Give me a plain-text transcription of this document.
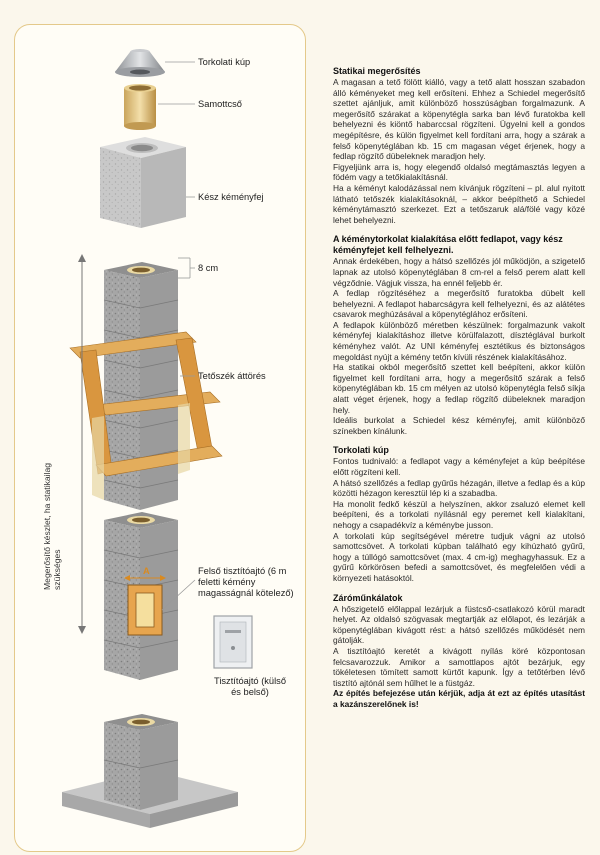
Torkolati kúp
Samottcső
Kész kéményfej
8 cm
Tetőszék áttörés
A	Felső tisztítóajtó (6 m feletti kémény magasságnál kötelező)
Tisztítóajtó (külső és belső)
Megerősítő készlet, ha statikailag szükséges
Statikai megerősítés

A magasan a tető fölött kiálló, vagy a tető alatt hosszan szabadon álló kéményeket meg kell erősíteni. Ehhez a Schiedel megerősítő szettet ajánljuk, amit különböző hosszúságban forgalmazunk. A megerősítő szárakat a köpenytégla sarka ban lévő furatokba kell behelyezni és kiöntő habarccsal rögzíteni. Ügyelni kell a gondos megépítésre, és külön figyelmet kell fordítani arra, hogy a szárak a felső köpenytéglában kb. 15 cm magasan véget érjenek, hogy a fedlap rögzítő dübeleknek maradjon hely.

Figyeljünk arra is, hogy elegendő oldalsó megtámasztás legyen a födém vagy a tetőkialakításnál.

Ha a kéményt kalodázással nem kívánjuk rögzíteni – pl. alul nyitott látható tetőszék kialakításoknál, – akkor beépíthető a Schiedel kéménytámasztó szerkezet. Ezt a tetőszaruk alá/fölé vagy közé lehet behelyezni.

A kéménytorkolat kialakítása előtt fedlapot, vagy kész kéményfejet kell felhelyezni.

Annak érdekében, hogy a hátsó szellőzés jól működjön, a szigetelő lapnak az utolsó köpenytéglában 8 cm-rel a felső perem alatt kell végződnie. Vágjuk vissza, ha ennél feljebb ér.

A fedlap rögzítéséhez a megerősítő furatokba dübelt kell behelyezni. A fedlapot habarcságyra kell felhelyezni, és az alátétes csavarok meghúzásával a köpenytéglához erősíteni.

A fedlapok különböző méretben készülnek: forgalmazunk vakolt kéményfej kialakításhoz illetve körülfalazott, dísztéglával burkolt kéményhez valót. Az UNI kéményfej esztétikus és biztonságos megoldást nyújt a kémény tetőn kívüli részének kialakításához.

Ha statikai okból megerősítő szettet kell beépíteni, akkor külön figyelmet kell fordítani arra, hogy a megerősítő szárak a felső köpenytéglában kb. 15 cm mélyen az utolsó köpenytégla felső síkja alatt véget érjenek, hogy a fedlap rögzítő dübeleknek maradjon hely.

Ideális burkolat a Schiedel kész kéményfej, amit különböző színekben kínálunk.

Torkolati kúp

Fontos tudnivaló: a fedlapot vagy a kéményfejet a kúp beépítése előtt rögzíteni kell.

A hátsó szellőzés a fedlap gyűrűs hézagán, illetve a fedlap és a kúp közötti hézagon keresztül lép ki a szabadba.

Ha monolit fedkő készül a helyszínen, akkor zsaluzó elemet kell beépíteni, és a torkolati nyílásnál egy peremet kell kialakítani, nehogy a csapadékvíz a kéménybe jusson.

A torkolati kúp segítségével méretre tudjuk vágni az utolsó samottcsövet. A torkolati kúpban található egy kihúzható gyűrű, hogy a túllógó samottcsövet (max. 4 cm-ig) meghagyhassuk. Ez a gyűrű körkörösen befedi a samottcsövet, és megfelelően védi a környezeti hatásoktól.

Záróműnkálatok

A hőszigetelő előlappal lezárjuk a füstcső-csatlakozó körül maradt helyet. Az oldalsó szögvasak megtartják az előlapot, és lezárják a köpenytéglában kivágott rést: a hátsó szellőzés működését nem gátolják.

A tisztítóajtó keretét a kivágott nyílás köré központosan felcsavarozzuk. Amikor a samottlapos ajtót bezárjuk, egy tökéletesen tömített samott kürtőt kapunk. Így a tetőtérben lévő tisztító ajtónál sem hűlhet le a füstgáz.

Az építés befejezése után kérjük, adja át ezt az építés utasítást a kazánszerelőnek is!
